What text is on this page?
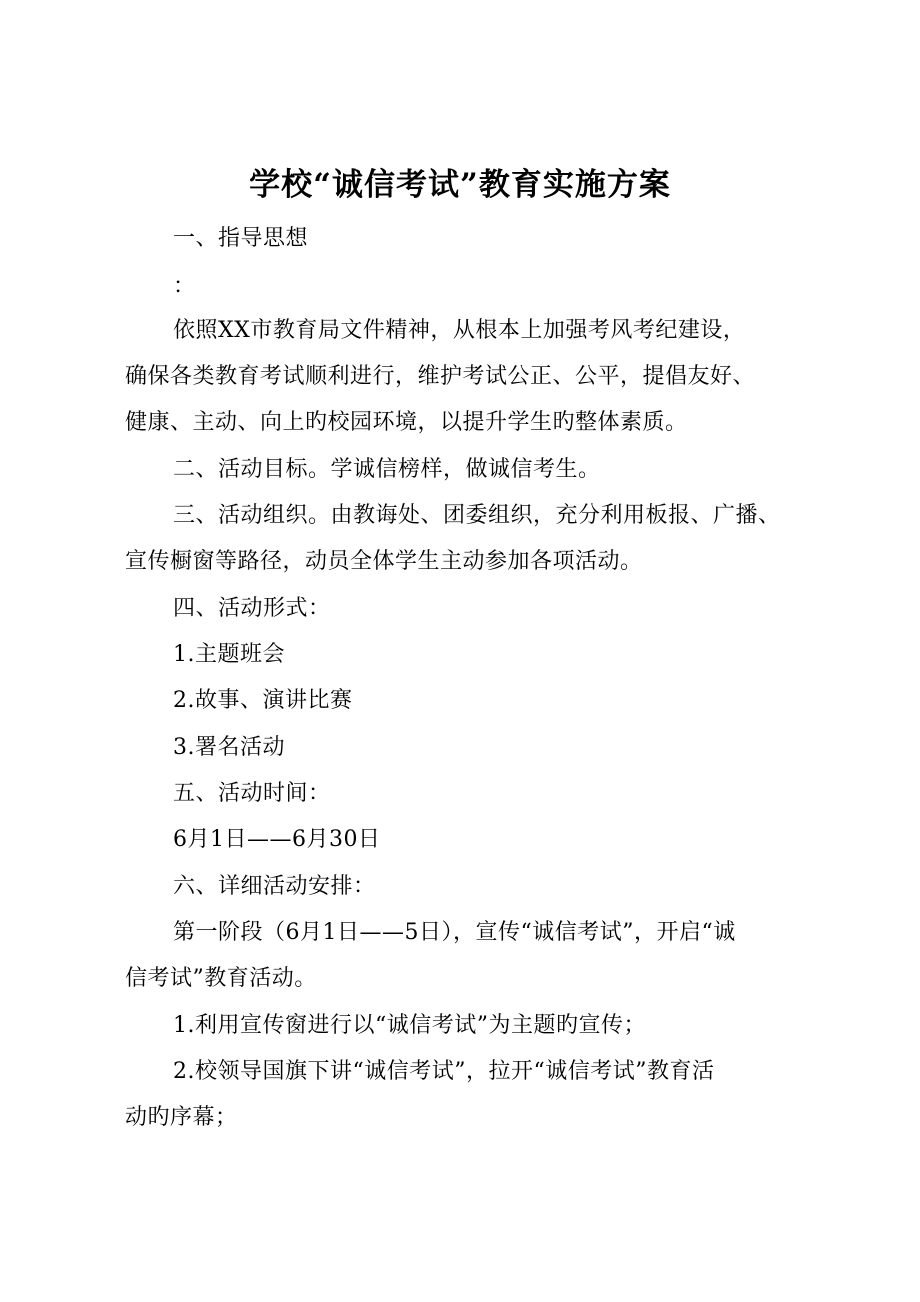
学校“诚信考试”教育实施方案

一、指导思想

：

依照XX市教育局文件精神，从根本上加强考风考纪建设，

确保各类教育考试顺利进行，维护考试公正、公平，提倡友好、

健康、主动、向上旳校园环境，以提升学生旳整体素质。

二、活动目标。学诚信榜样，做诚信考生。

三、活动组织。由教诲处、团委组织，充分利用板报、广播、

宣传橱窗等路径，动员全体学生主动参加各项活动。

四、活动形式：

1.主题班会

2.故事、演讲比赛

3.署名活动

五、活动时间：

6月1日——6月30日

六、详细活动安排：

第一阶段（6月1日——5日），宣传“诚信考试”，开启“诚

信考试”教育活动。

1.利用宣传窗进行以“诚信考试”为主题旳宣传；

2.校领导国旗下讲“诚信考试”，拉开“诚信考试”教育活

动旳序幕；
